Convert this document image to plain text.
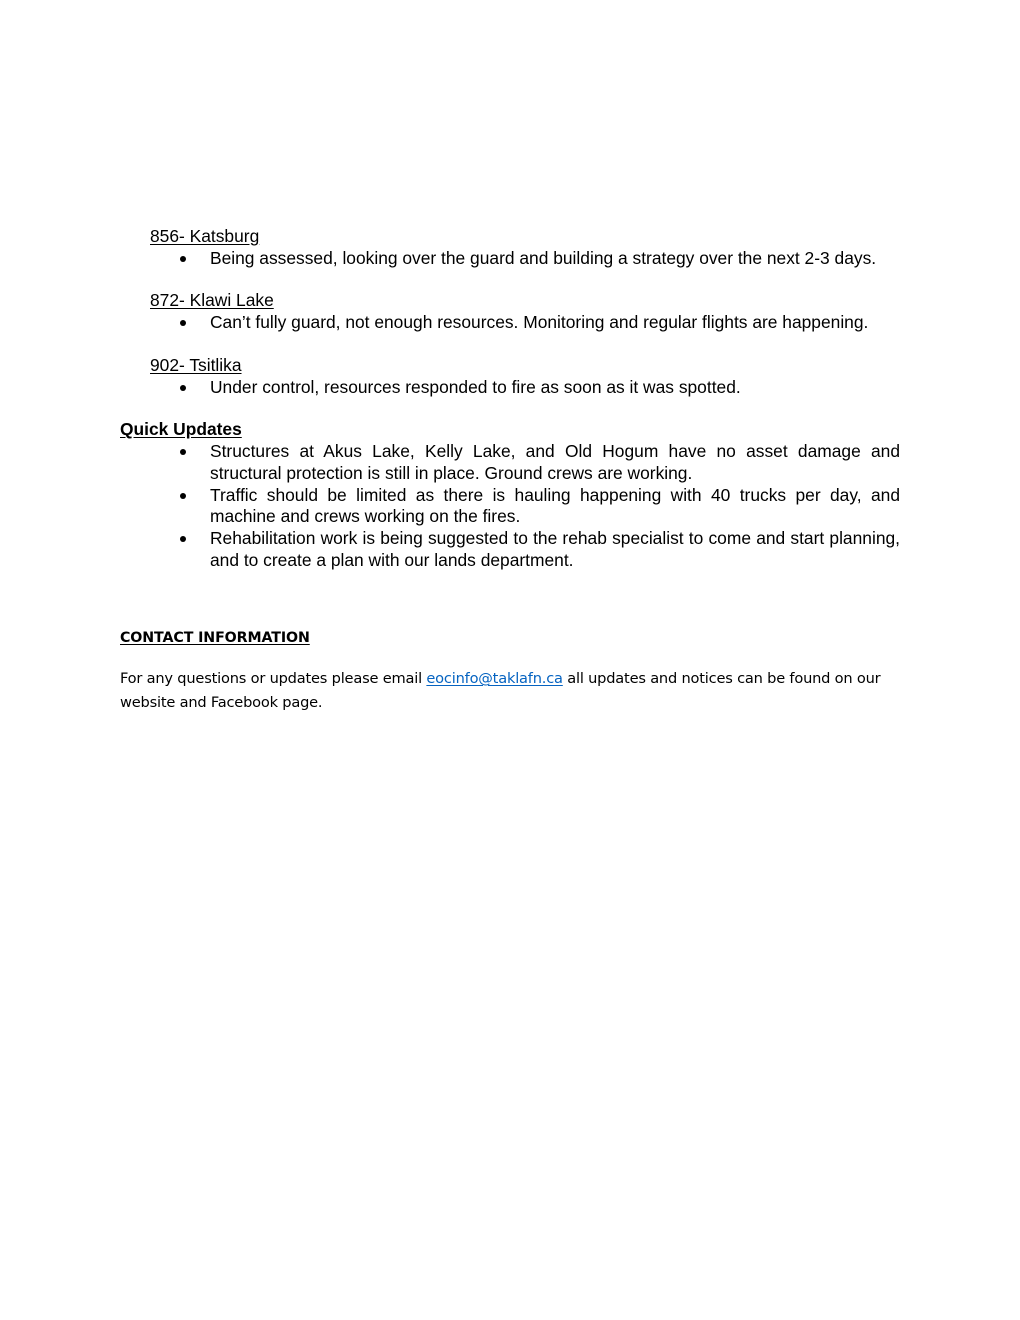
856- Katsburg
Being assessed, looking over the guard and building a strategy over the next 2-3 days.
872- Klawi Lake
Can’t fully guard, not enough resources. Monitoring and regular flights are happening.
902- Tsitlika
Under control, resources responded to fire as soon as it was spotted.
Quick Updates
Structures at Akus Lake, Kelly Lake, and Old Hogum have no asset damage and structural protection is still in place. Ground crews are working.
Traffic should be limited as there is hauling happening with 40 trucks per day, and machine and crews working on the fires.
Rehabilitation work is being suggested to the rehab specialist to come and start planning, and to create a plan with our lands department.
CONTACT INFORMATION
For any questions or updates please email eocinfo@taklafn.ca all updates and notices can be found on our website and Facebook page.
